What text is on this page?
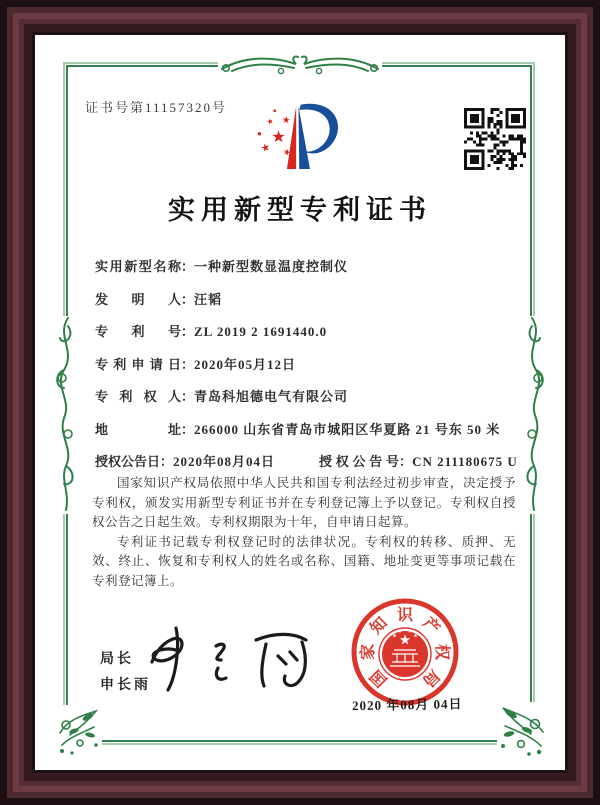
证书号第11157320号
实用新型专利证书
实用新型名称 ： 一种新型数显温度控制仪
发明人 ： 汪韬
专利号 ： ZL 2019 2 1691440.0
专利申请日 ： 2020年05月12日
专利权人 ： 青岛科旭德电气有限公司
地址 ： 266000 山东省青岛市城阳区华夏路 21 号东 50 米
授权公告日 ： 2020年08月04日	授权公告号 ： CN 211180675 U

国家知识产权局依照中华人民共和国专利法经过初步审查，决定授予专利权，颁发实用新型专利证书并在专利登记簿上予以登记。专利权自授权公告之日起生效。专利权期限为十年，自申请日起算。

专利证书记载专利权登记时的法律状况。专利权的转移、质押、无效、终止、恢复和专利权人的姓名或名称、国籍、地址变更等事项记载在专利登记簿上。

局长
申长雨	国
家
知 识 产
权
局
2020 年08月 04日
